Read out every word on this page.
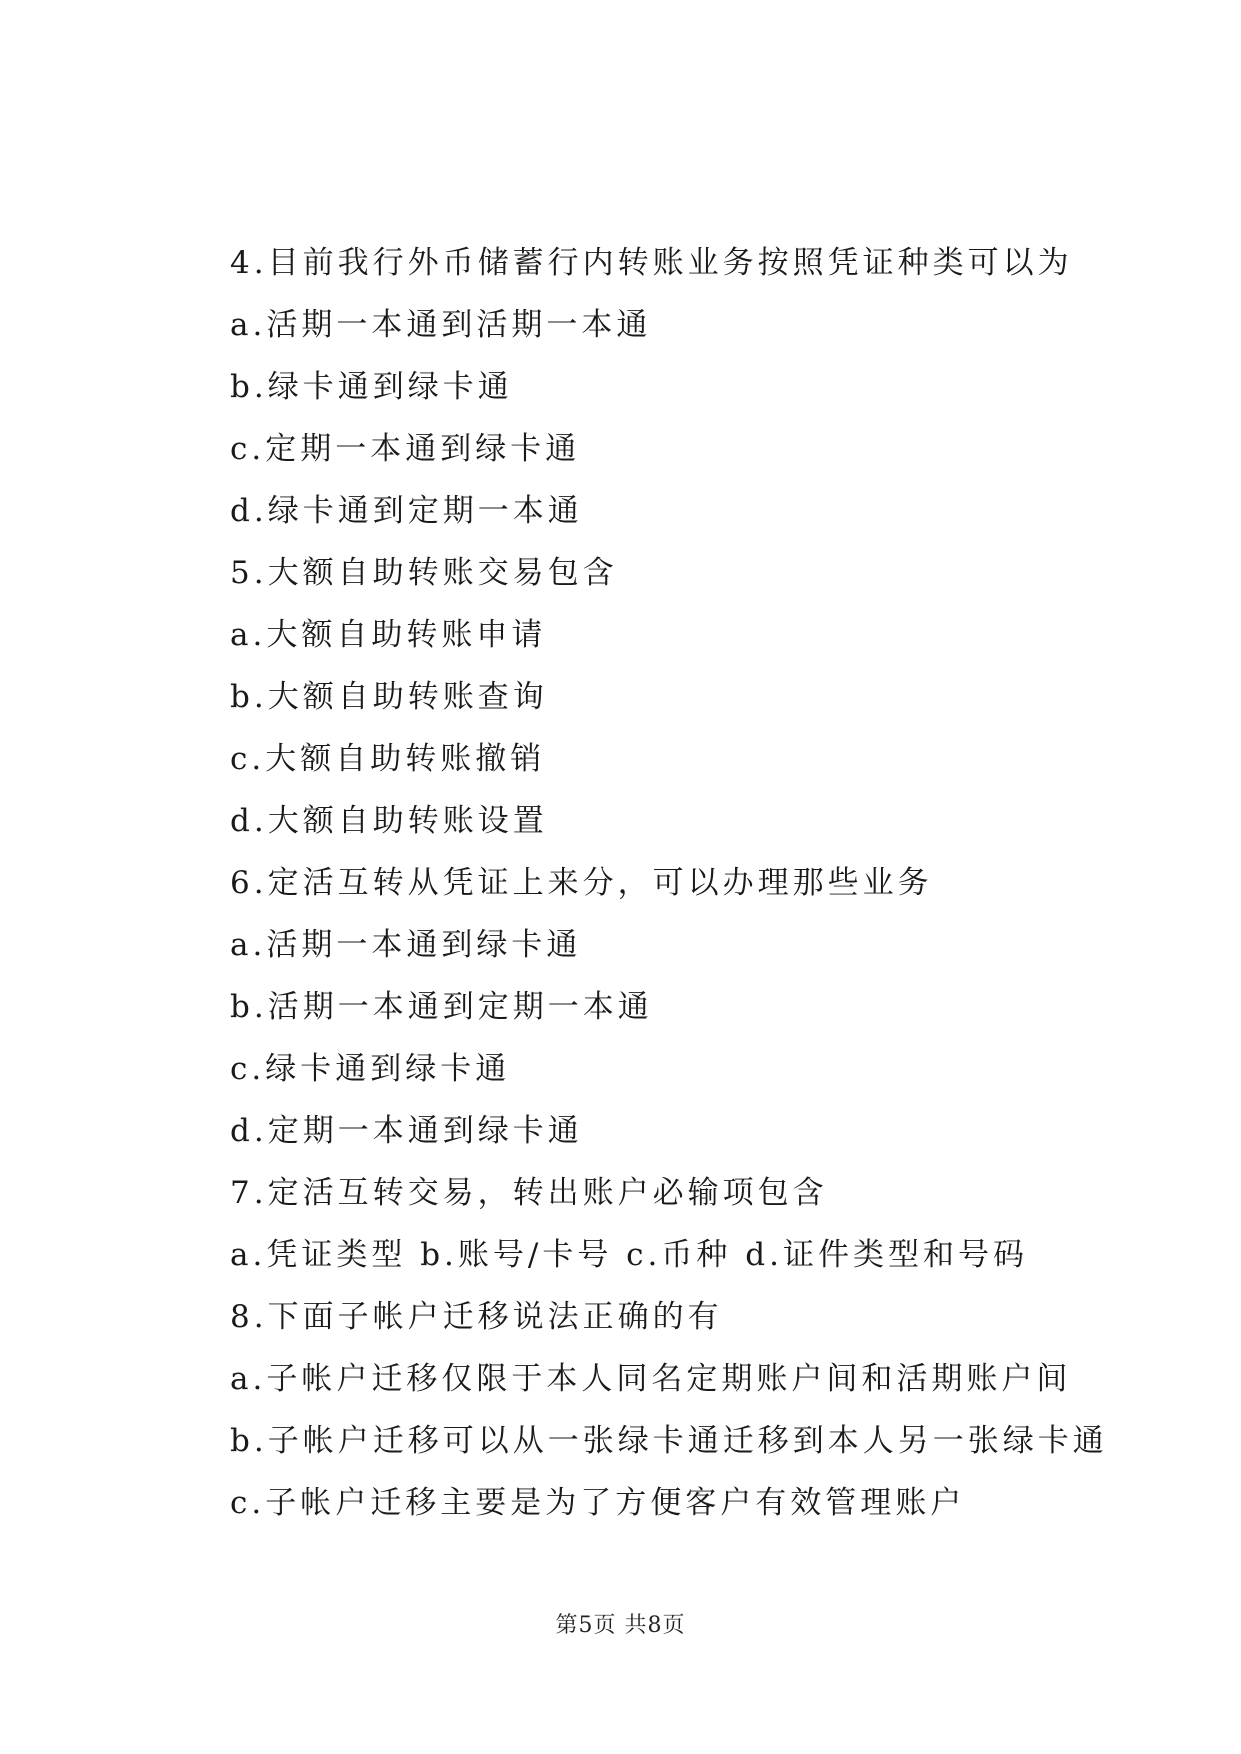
4.目前我行外币储蓄行内转账业务按照凭证种类可以为
a.活期一本通到活期一本通
b.绿卡通到绿卡通
c.定期一本通到绿卡通
d.绿卡通到定期一本通
5.大额自助转账交易包含
a.大额自助转账申请
b.大额自助转账查询
c.大额自助转账撤销
d.大额自助转账设置
6.定活互转从凭证上来分，可以办理那些业务
a.活期一本通到绿卡通
b.活期一本通到定期一本通
c.绿卡通到绿卡通
d.定期一本通到绿卡通
7.定活互转交易，转出账户必输项包含
a.凭证类型 b.账号/卡号 c.币种 d.证件类型和号码
8.下面子帐户迁移说法正确的有
a.子帐户迁移仅限于本人同名定期账户间和活期账户间
b.子帐户迁移可以从一张绿卡通迁移到本人另一张绿卡通
c.子帐户迁移主要是为了方便客户有效管理账户
第5页 共8页
